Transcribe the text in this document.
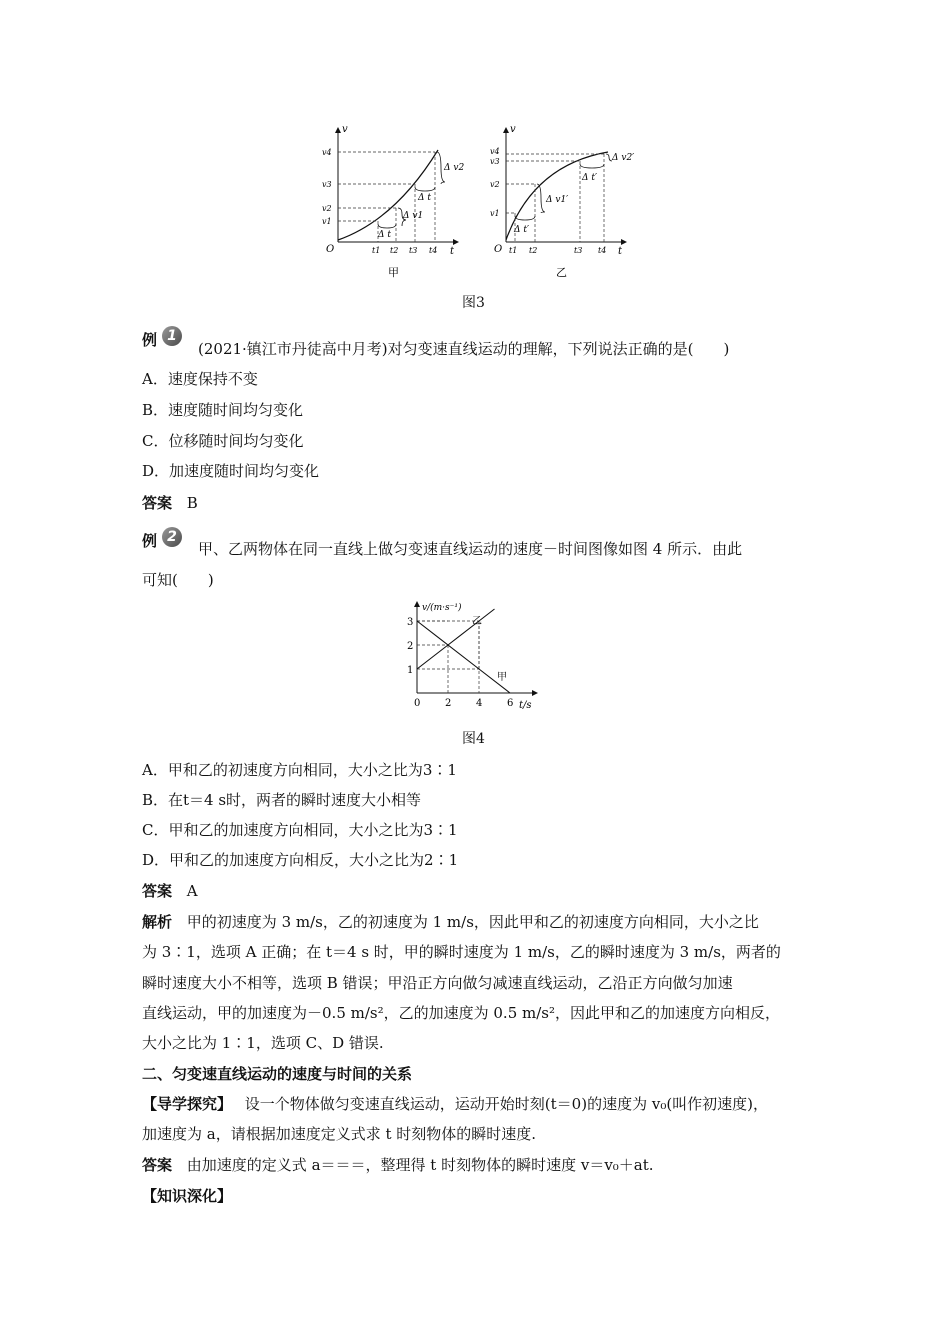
v
t
O
v4
v3
v2
v1
t1 t2 t3 t4
Δ v2
Δ v1
Δ t
Δ t
甲
v
t
O
v4
v3
v2
v1
t1 t2	t3 t4
Δ v2′
Δ v1′
Δ t′
Δ t′
乙
图3
例 1
(2021·镇江市丹徒高中月考)对匀变速直线运动的理解，下列说法正确的是(　　)
A．速度保持不变
B．速度随时间均匀变化
C．位移随时间均匀变化
D．加速度随时间均匀变化
答案 B
例 2
甲、乙两物体在同一直线上做匀变速直线运动的速度－时间图像如图 4 所示．由此
可知(　　)
0 2 4 6
1
2
3
v/(m·s⁻¹)
t/s
甲
乙
图4
A．甲和乙的初速度方向相同，大小之比为3∶1
B．在t＝4 s时，两者的瞬时速度大小相等
C．甲和乙的加速度方向相同，大小之比为3∶1
D．甲和乙的加速度方向相反，大小之比为2∶1
答案 A
解析 甲的初速度为 3 m/s，乙的初速度为 1 m/s，因此甲和乙的初速度方向相同，大小之比
为 3∶1，选项 A 正确；在 t＝4 s 时，甲的瞬时速度为 1 m/s，乙的瞬时速度为 3 m/s，两者的
瞬时速度大小不相等，选项 B 错误；甲沿正方向做匀减速直线运动，乙沿正方向做匀加速
直线运动，甲的加速度为－0.5 m/s²，乙的加速度为 0.5 m/s²，因此甲和乙的加速度方向相反，
大小之比为 1∶1，选项 C、D 错误.
二、匀变速直线运动的速度与时间的关系
【导学探究】 设一个物体做匀变速直线运动，运动开始时刻(t＝0)的速度为 v₀(叫作初速度)，
加速度为 a，请根据加速度定义式求 t 时刻物体的瞬时速度.
答案 由加速度的定义式 a＝＝＝，整理得 t 时刻物体的瞬时速度 v＝v₀＋at.
【知识深化】
